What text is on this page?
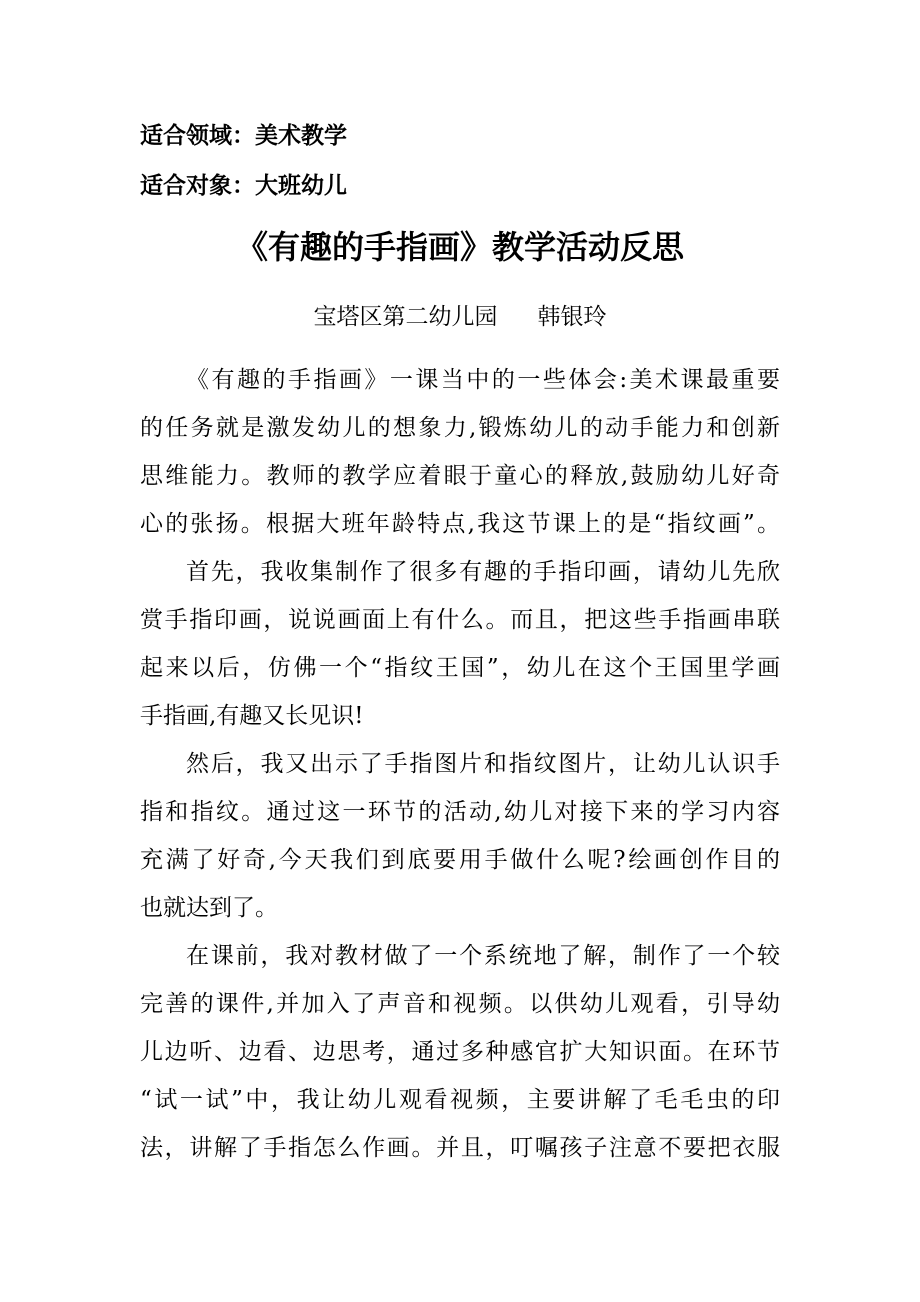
适合领域：美术教学
适合对象：大班幼儿
《有趣的手指画》教学活动反思
宝塔区第二幼儿园 韩银玲
《有趣的手指画》一课当中的一些体会:美术课最重要
的任务就是激发幼儿的想象力,锻炼幼儿的动手能力和创新
思维能力。教师的教学应着眼于童心的释放,鼓励幼儿好奇
心的张扬。根据大班年龄特点,我这节课上的是“指纹画”。
首先，我收集制作了很多有趣的手指印画，请幼儿先欣
赏手指印画，说说画面上有什么。而且，把这些手指画串联
起来以后，仿佛一个“指纹王国”，幼儿在这个王国里学画
手指画,有趣又长见识!
然后，我又出示了手指图片和指纹图片，让幼儿认识手
指和指纹。通过这一环节的活动,幼儿对接下来的学习内容
充满了好奇,今天我们到底要用手做什么呢?绘画创作目的
也就达到了。
在课前，我对教材做了一个系统地了解，制作了一个较
完善的课件,并加入了声音和视频。以供幼儿观看，引导幼
儿边听、边看、边思考，通过多种感官扩大知识面。在环节
“试一试”中，我让幼儿观看视频，主要讲解了毛毛虫的印
法，讲解了手指怎么作画。并且，叮嘱孩子注意不要把衣服
